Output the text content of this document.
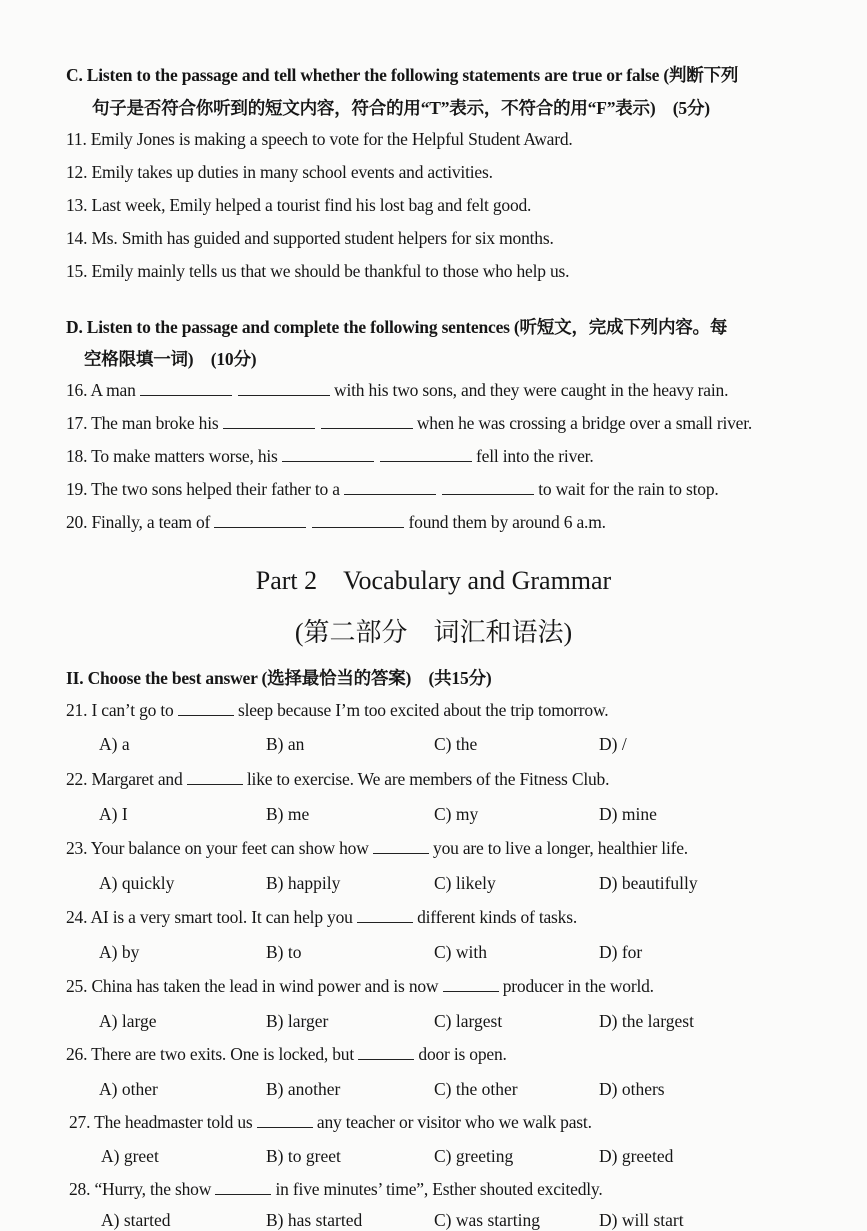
C. Listen to the passage and tell whether the following statements are true or false (判断下列
句子是否符合你听到的短文内容，符合的用“T”表示，不符合的用“F”表示)　(5分)
11. Emily Jones is making a speech to vote for the Helpful Student Award.
12. Emily takes up duties in many school events and activities.
13. Last week, Emily helped a tourist find his lost bag and felt good.
14. Ms. Smith has guided and supported student helpers for six months.
15. Emily mainly tells us that we should be thankful to those who help us.
D. Listen to the passage and complete the following sentences (听短文，完成下列内容。每
空格限填一词)　(10分)
16. A man	with his two sons, and they were caught in the heavy rain.
17. The man broke his	when he was crossing a bridge over a small river.
18. To make matters worse, his	fell into the river.
19. The two sons helped their father to a	to wait for the rain to stop.
20. Finally, a team of	found them by around 6 a.m.
Part 2　Vocabulary and Grammar
(第二部分　词汇和语法)
II. Choose the best answer (选择最恰当的答案)　(共15分)
21. I can’t go to	sleep because I’m too excited about the trip tomorrow.
A) a	B) an	C) the	D) /
22. Margaret and	like to exercise. We are members of the Fitness Club.
A) I	B) me	C) my	D) mine
23. Your balance on your feet can show how	you are to live a longer, healthier life.
A) quickly	B) happily	C) likely	D) beautifully
24. AI is a very smart tool. It can help you	different kinds of tasks.
A) by	B) to	C) with	D) for
25. China has taken the lead in wind power and is now	producer in the world.
A) large	B) larger	C) largest	D) the largest
26. There are two exits. One is locked, but	door is open.
A) other	B) another	C) the other	D) others
27. The headmaster told us	any teacher or visitor who we walk past.
A) greet	B) to greet	C) greeting	D) greeted
28. “Hurry, the show	in five minutes’ time”, Esther shouted excitedly.
A) started	B) has started	C) was starting	D) will start
